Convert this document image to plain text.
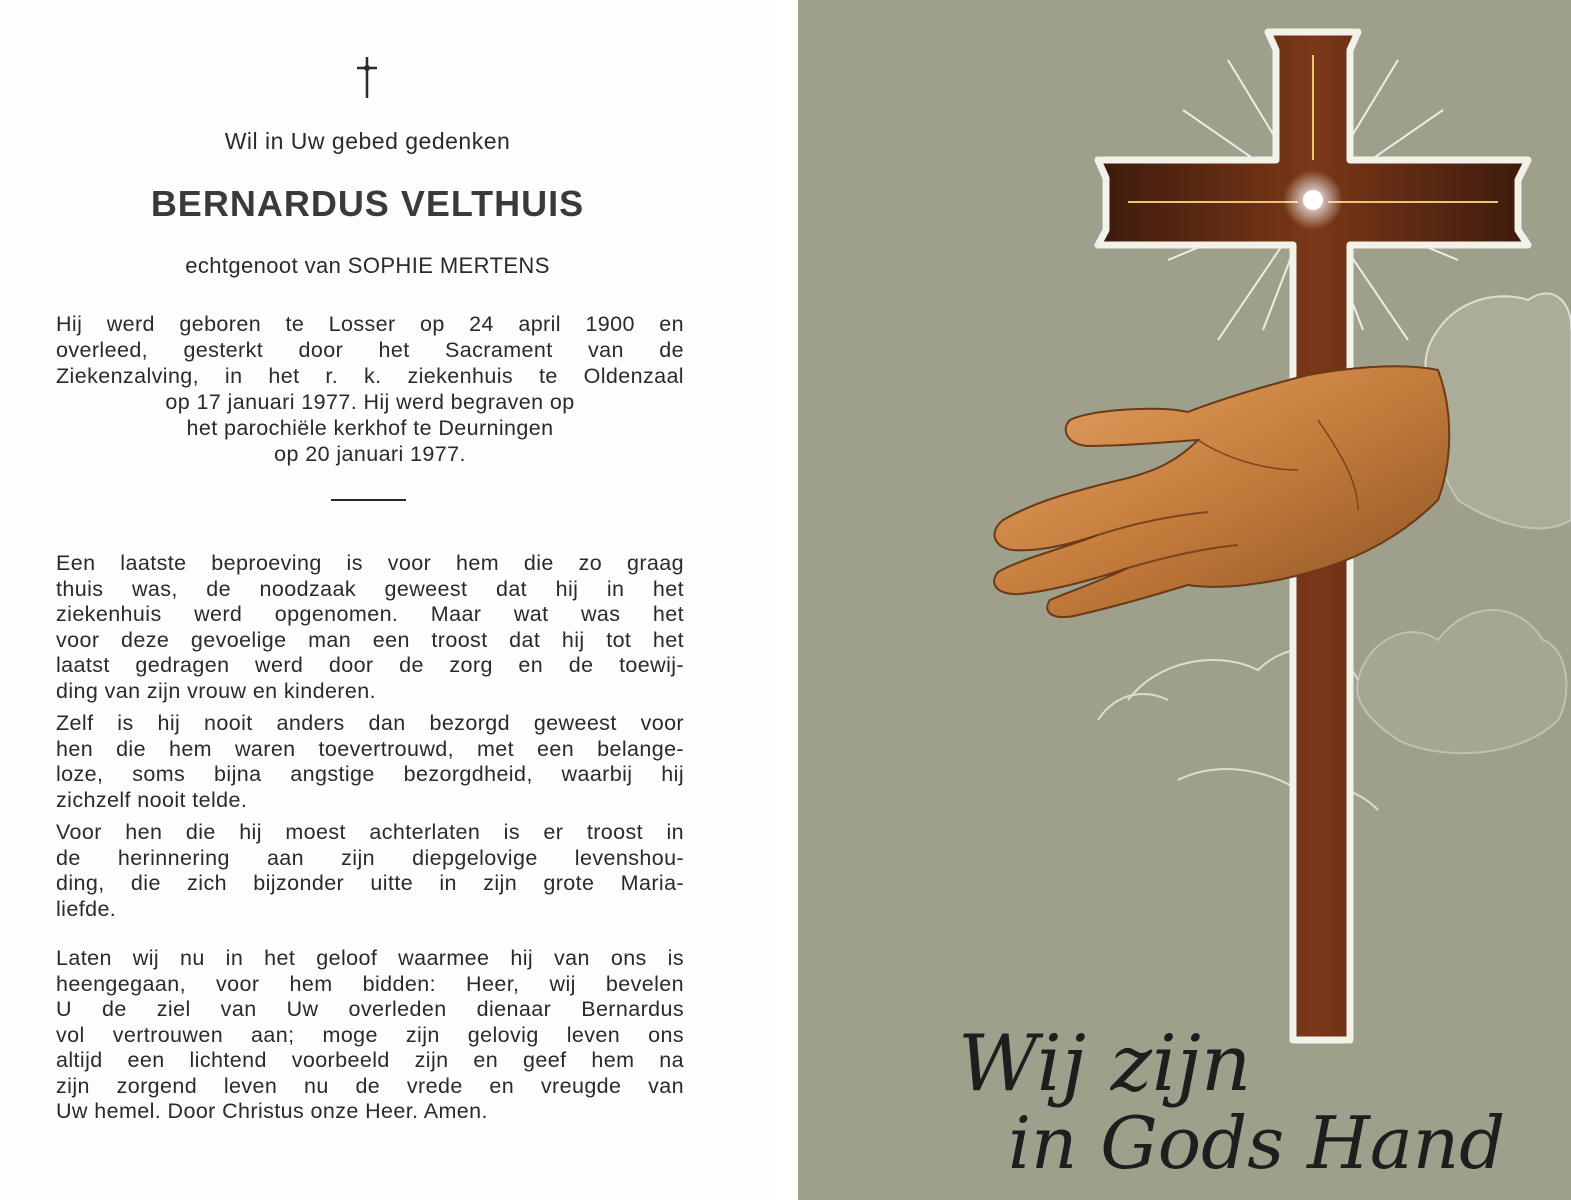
Wil in Uw gebed gedenken
BERNARDUS VELTHUIS
echtgenoot van SOPHIE MERTENS
Hij werd geboren te Losser op 24 april 1900 en
overleed, gesterkt door het Sacrament van de
Ziekenzalving, in het r. k. ziekenhuis te Oldenzaal
op 17 januari 1977. Hij werd begraven op
het parochiële kerkhof te Deurningen
op 20 januari 1977.
Een laatste beproeving is voor hem die zo graag
thuis was, de noodzaak geweest dat hij in het
ziekenhuis werd opgenomen. Maar wat was het
voor deze gevoelige man een troost dat hij tot het
laatst gedragen werd door de zorg en de toewij-
ding van zijn vrouw en kinderen.
Zelf is hij nooit anders dan bezorgd geweest voor
hen die hem waren toevertrouwd, met een belange-
loze, soms bijna angstige bezorgdheid, waarbij hij
zichzelf nooit telde.
Voor hen die hij moest achterlaten is er troost in
de herinnering aan zijn diepgelovige levenshou-
ding, die zich bijzonder uitte in zijn grote Maria-
liefde.
Laten wij nu in het geloof waarmee hij van ons is
heengegaan, voor hem bidden: Heer, wij bevelen
U de ziel van Uw overleden dienaar Bernardus
vol vertrouwen aan; moge zijn gelovig leven ons
altijd een lichtend voorbeeld zijn en geef hem na
zijn zorgend leven nu de vrede en vreugde van
Uw hemel. Door Christus onze Heer. Amen.
Wij zijn
in Gods Hand
